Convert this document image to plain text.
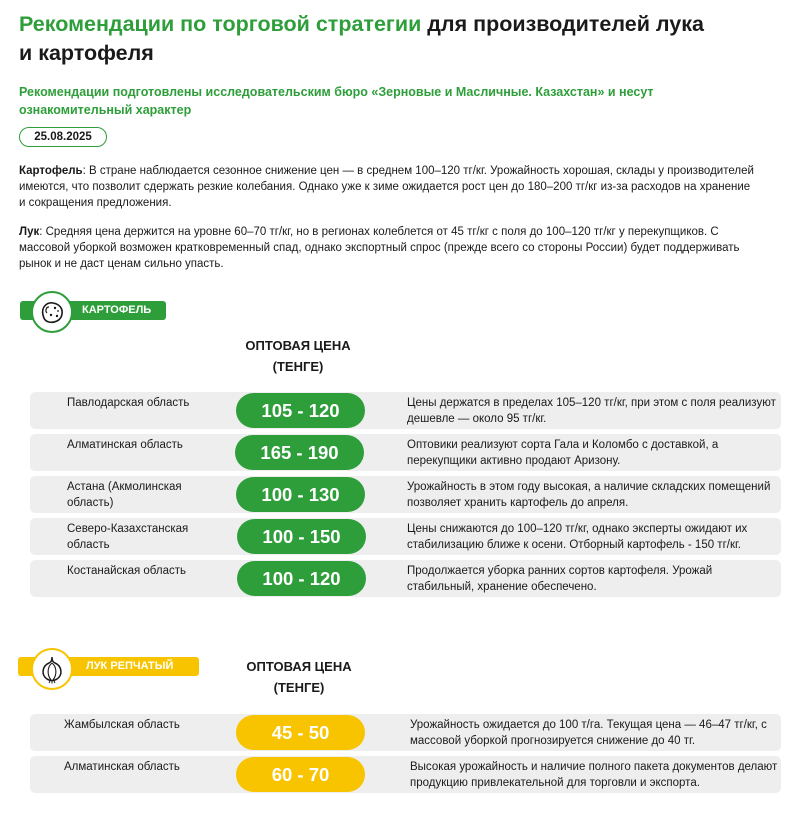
Рекомендации по торговой стратегии для производителей лука и картофеля
Рекомендации подготовлены исследовательским бюро «Зерновые и Масличные. Казахстан» и несут ознакомительный характер
25.08.2025
Картофель: В стране наблюдается сезонное снижение цен — в среднем 100–120 тг/кг. Урожайность хорошая, склады у производителей имеются, что позволит сдержать резкие колебания. Однако уже к зиме ожидается рост цен до 180–200 тг/кг из-за расходов на хранение и сокращения предложения.
Лук: Средняя цена держится на уровне 60–70 тг/кг, но в регионах колеблется от 45 тг/кг с поля до 100–120 тг/кг у перекупщиков. С массовой уборкой возможен кратковременный спад, однако экспортный спрос (прежде всего со стороны России) будет поддерживать рынок и не даст ценам сильно упасть.
КАРТОФЕЛЬ
ОПТОВАЯ ЦЕНА
(ТЕНГЕ)
Павлодарская область	105 - 120	Цены держатся в пределах 105–120 тг/кг, при этом с поля реализуют дешевле — около 95 тг/кг.
Алматинская область	165 - 190	Оптовики реализуют сорта Гала и Коломбо с доставкой, а перекупщики активно продают Аризону.
Астана (Акмолинская область)	100 - 130	Урожайность в этом году высокая, а наличие складских помещений позволяет хранить картофель до апреля.
Северо-Казахстанская область	100 - 150	Цены снижаются до 100–120 тг/кг, однако эксперты ожидают их стабилизацию ближе к осени. Отборный картофель - 150 тг/кг.
Костанайская область	100 - 120	Продолжается уборка ранних сортов картофеля. Урожай стабильный, хранение обеспечено.
ЛУК РЕПЧАТЫЙ	ОПТОВАЯ ЦЕНА
(ТЕНГЕ)
Жамбылская область	45 - 50	Урожайность ожидается до 100 т/га. Текущая цена — 46–47 тг/кг, с массовой уборкой прогнозируется снижение до 40 тг.
Алматинская область	60 - 70	Высокая урожайность и наличие полного пакета документов делают продукцию привлекательной для торговли и экспорта.
